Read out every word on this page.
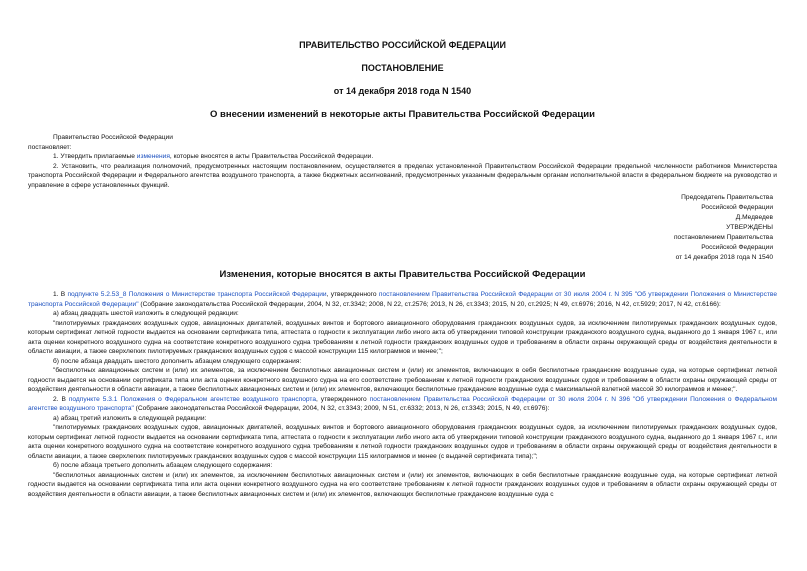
ПРАВИТЕЛЬСТВО РОССИЙСКОЙ ФЕДЕРАЦИИ
ПОСТАНОВЛЕНИЕ
от 14 декабря 2018 года N 1540
О внесении изменений в некоторые акты Правительства Российской Федерации

Правительство Российской Федерации

постановляет:

1. Утвердить прилагаемые изменения, которые вносятся в акты Правительства Российской Федерации.

2. Установить, что реализация полномочий, предусмотренных настоящим постановлением, осуществляется в пределах установленной Правительством Российской Федерации предельной численности работников Министерства транспорта Российской Федерации и Федерального агентства воздушного транспорта, а также бюджетных ассигнований, предусмотренных указанным федеральным органам исполнительной власти в федеральном бюджете на руководство и управление в сфере установленных функций.

Председатель Правительства
Российской Федерации
Д.Медведев
УТВЕРЖДЕНЫ
постановлением Правительства
Российской Федерации
от 14 декабря 2018 года N 1540
Изменения, которые вносятся в акты Правительства Российской Федерации

1. В подпункте 5.2.53_8 Положения о Министерстве транспорта Российской Федерации, утвержденного постановлением Правительства Российской Федерации от 30 июля 2004 г. N 395 "Об утверждении Положения о Министерстве транспорта Российской Федерации" (Собрание законодательства Российской Федерации, 2004, N 32, ст.3342; 2008, N 22, ст.2576; 2013, N 26, ст.3343; 2015, N 20, ст.2925; N 49, ст.6976; 2016, N 42, ст.5929; 2017, N 42, ст.6166):

а) абзац двадцать шестой изложить в следующей редакции:

"пилотируемых гражданских воздушных судов, авиационных двигателей, воздушных винтов и бортового авиационного оборудования гражданских воздушных судов, за исключением пилотируемых гражданских воздушных судов, которым сертификат летной годности выдается на основании сертификата типа, аттестата о годности к эксплуатации либо иного акта об утверждении типовой конструкции гражданского воздушного судна, выданного до 1 января 1967 г., или акта оценки конкретного воздушного судна на соответствие конкретного воздушного судна требованиям к летной годности гражданских воздушных судов и требованиям в области охраны окружающей среды от воздействия деятельности в области авиации, а также сверхлегких пилотируемых гражданских воздушных судов с массой конструкции 115 килограммов и менее;";

б) после абзаца двадцать шестого дополнить абзацем следующего содержания:

"беспилотных авиационных систем и (или) их элементов, за исключением беспилотных авиационных систем и (или) их элементов, включающих в себя беспилотные гражданские воздушные суда, на которые сертификат летной годности выдается на основании сертификата типа или акта оценки конкретного воздушного судна на его соответствие требованиям к летной годности гражданских воздушных судов и требованиям в области охраны окружающей среды от воздействия деятельности в области авиации, а также беспилотных авиационных систем и (или) их элементов, включающих беспилотные гражданские воздушные суда с максимальной взлетной массой 30 килограммов и менее;".

2. В подпункте 5.3.1 Положения о Федеральном агентстве воздушного транспорта, утвержденного постановлением Правительства Российской Федерации от 30 июля 2004 г. N 396 "Об утверждении Положения о Федеральном агентстве воздушного транспорта" (Собрание законодательства Российской Федерации, 2004, N 32, ст.3343; 2009, N 51, ст.6332; 2013, N 26, ст.3343; 2015, N 49, ст.6976):

а) абзац третий изложить в следующей редакции:

"пилотируемых гражданских воздушных судов, авиационных двигателей, воздушных винтов и бортового авиационного оборудования гражданских воздушных судов, за исключением пилотируемых гражданских воздушных судов, которым сертификат летной годности выдается на основании сертификата типа, аттестата о годности к эксплуатации либо иного акта об утверждении типовой конструкции гражданского воздушного судна, выданного до 1 января 1967 г., или акта оценки конкретного воздушного судна на соответствие конкретного воздушного судна требованиям к летной годности гражданских воздушных судов и требованиям в области охраны окружающей среды от воздействия деятельности в области авиации, а также сверхлегких пилотируемых гражданских воздушных судов с массой конструкции 115 килограммов и менее (с выдачей сертификата типа);";

б) после абзаца третьего дополнить абзацем следующего содержания:

"беспилотных авиационных систем и (или) их элементов, за исключением беспилотных авиационных систем и (или) их элементов, включающих в себя беспилотные гражданские воздушные суда, на которые сертификат летной годности выдается на основании сертификата типа или акта оценки конкретного воздушного судна на его соответствие требованиям к летной годности гражданских воздушных судов и требованиям в области охраны окружающей среды от воздействия деятельности в области авиации, а также беспилотных авиационных систем и (или) их элементов, включающих беспилотные гражданские воздушные суда с
